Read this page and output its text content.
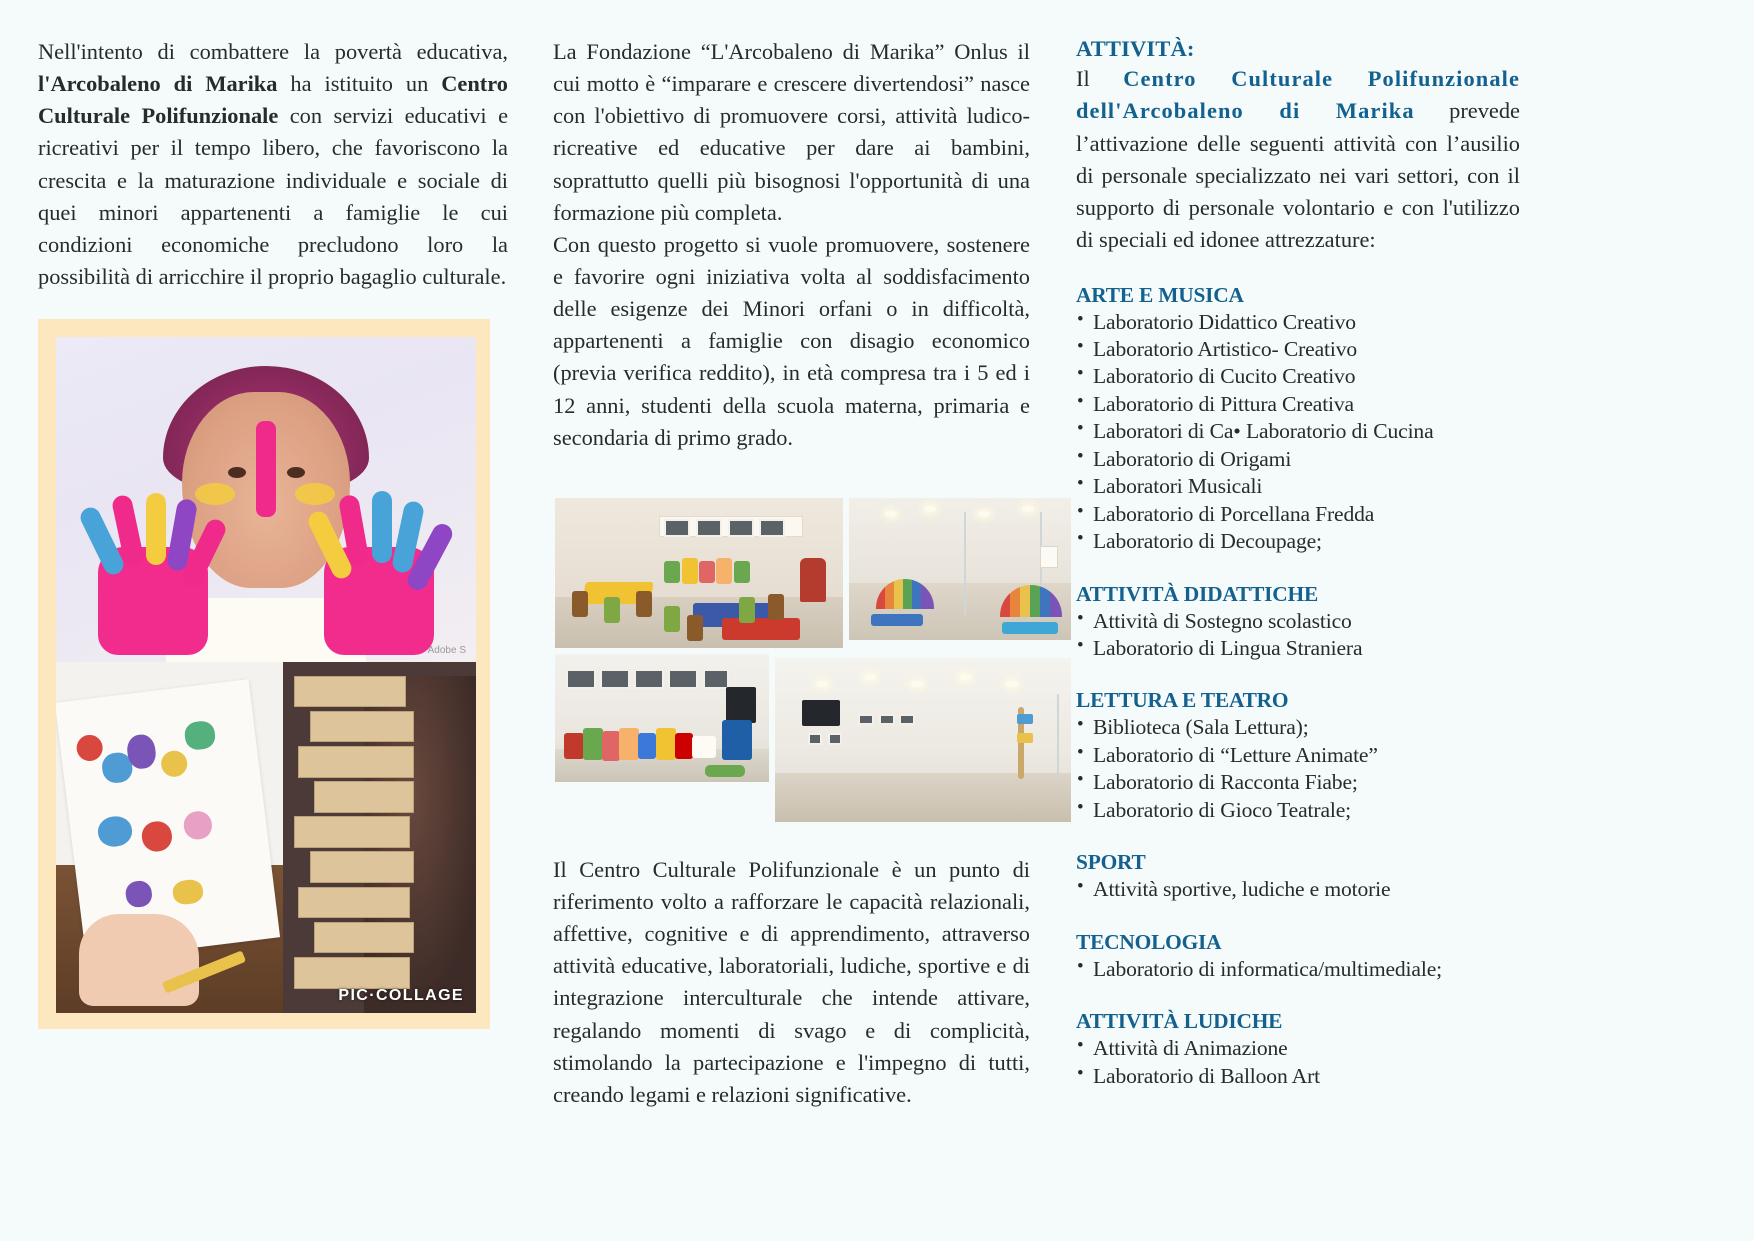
Nell'intento di combattere la povertà educativa, l'Arcobaleno di Marika ha istituito un Centro Culturale Polifunzionale con servizi educativi e ricreativi per il tempo libero, che favoriscono la crescita e la maturazione individuale e sociale di quei minori appartenenti a famiglie le cui condizioni economiche precludono loro la possibilità di arricchire il proprio bagaglio culturale.

Adobe S
PIC·COLLAGE

La Fondazione “L'Arcobaleno di Marika” Onlus il cui motto è “imparare e crescere divertendosi” nasce con l'obiettivo di promuovere corsi, attività ludico-ricreative ed educative per dare ai bambini, soprattutto quelli più bisognosi l'opportunità di una formazione più completa.

Con questo progetto si vuole promuovere, sostenere e favorire ogni iniziativa volta al soddisfacimento delle esigenze dei Minori orfani o in difficoltà, appartenenti a famiglie con disagio economico (previa verifica reddito), in età compresa tra i 5 ed i 12 anni, studenti della scuola materna, primaria e secondaria di primo grado.

Il Centro Culturale Polifunzionale è un punto di riferimento volto a rafforzare le capacità relazionali, affettive, cognitive e di apprendimento, attraverso attività educative, laboratoriali, ludiche, sportive e di integrazione interculturale che intende attivare, regalando momenti di svago e di complicità, stimolando la partecipazione e l'impegno di tutti, creando legami e relazioni significative.

ATTIVITÀ:

Il Centro Culturale Polifunzionale dell'Arcobaleno di Marika prevede l’attivazione delle seguenti attività con l’ausilio di personale specializzato nei vari settori, con il supporto di personale volontario e con l'utilizzo di speciali ed idonee attrezzature:

ARTE E MUSICA
• Laboratorio Didattico Creativo
• Laboratorio Artistico- Creativo
• Laboratorio di Cucito Creativo
• Laboratorio di Pittura Creativa
• Laboratori di Ca• Laboratorio di Cucina
• Laboratorio di Origami
• Laboratori Musicali
• Laboratorio di Porcellana Fredda
• Laboratorio di Decoupage;
ATTIVITÀ DIDATTICHE
• Attività di Sostegno scolastico
• Laboratorio di Lingua Straniera
LETTURA E TEATRO
• Biblioteca (Sala Lettura);
• Laboratorio di “Letture Animate”
• Laboratorio di Racconta Fiabe;
• Laboratorio di Gioco Teatrale;
SPORT
• Attività sportive, ludiche e motorie
TECNOLOGIA
• Laboratorio di informatica/multimediale;
ATTIVITÀ LUDICHE
• Attività di Animazione
• Laboratorio di Balloon Art
